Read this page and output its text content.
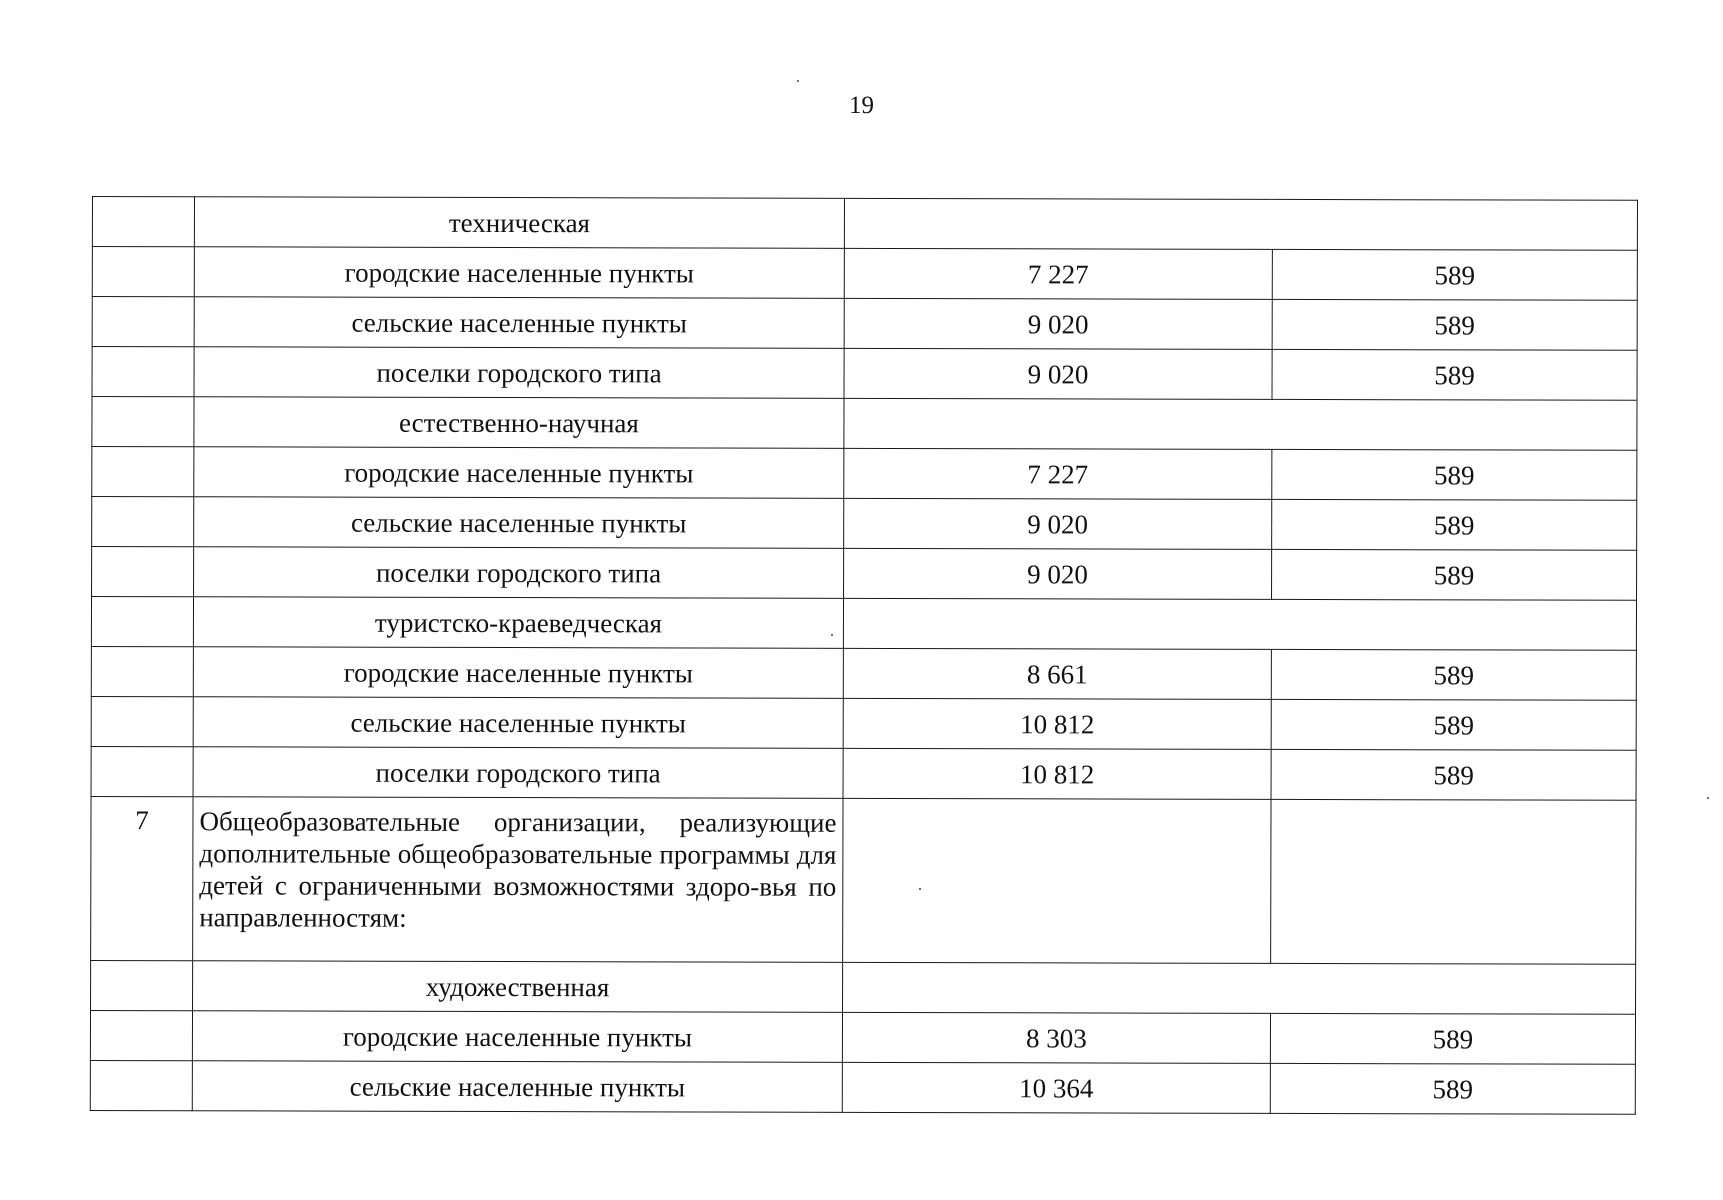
19
	техническая		
	городские населенные пункты	7 227	589
	сельские населенные пункты	9 020	589
	поселки городского типа	9 020	589
	естественно-научная		
	городские населенные пункты	7 227	589
	сельские населенные пункты	9 020	589
	поселки городского типа	9 020	589
	туристско-краеведческая		
	городские населенные пункты	8 661	589
	сельские населенные пункты	10 812	589
	поселки городского типа	10 812	589
7	Общеобразовательные организации, реализующие дополнительные общеобразовательные программы для детей с ограниченными возможностями здоро-вья по направленностям:		
	художественная		
	городские населенные пункты	8 303	589
	сельские населенные пункты	10 364	589
